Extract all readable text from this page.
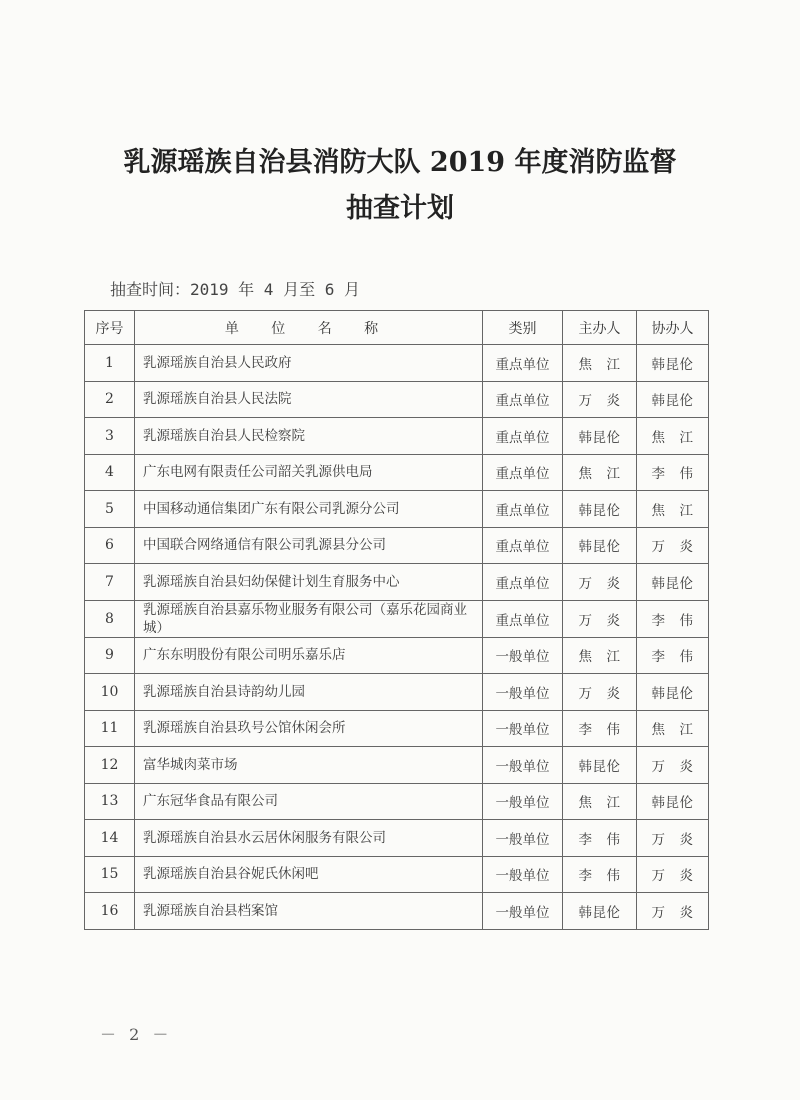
乳源瑶族自治县消防大队 2019 年度消防监督
抽查计划
抽查时间：2019 年 4 月至 6 月
序号	单 位 名 称	类别	主办人	协办人
1	乳源瑶族自治县人民政府	重点单位	焦　江	韩昆伦
2	乳源瑶族自治县人民法院	重点单位	万　炎	韩昆伦
3	乳源瑶族自治县人民检察院	重点单位	韩昆伦	焦　江
4	广东电网有限责任公司韶关乳源供电局	重点单位	焦　江	李　伟
5	中国移动通信集团广东有限公司乳源分公司	重点单位	韩昆伦	焦　江
6	中国联合网络通信有限公司乳源县分公司	重点单位	韩昆伦	万　炎
7	乳源瑶族自治县妇幼保健计划生育服务中心	重点单位	万　炎	韩昆伦
8	乳源瑶族自治县嘉乐物业服务有限公司（嘉乐花园商业城）	重点单位	万　炎	李　伟
9	广东东明股份有限公司明乐嘉乐店	一般单位	焦　江	李　伟
10	乳源瑶族自治县诗韵幼儿园	一般单位	万　炎	韩昆伦
11	乳源瑶族自治县玖号公馆休闲会所	一般单位	李　伟	焦　江
12	富华城肉菜市场	一般单位	韩昆伦	万　炎
13	广东冠华食品有限公司	一般单位	焦　江	韩昆伦
14	乳源瑶族自治县水云居休闲服务有限公司	一般单位	李　伟	万　炎
15	乳源瑶族自治县谷妮氏休闲吧	一般单位	李　伟	万　炎
16	乳源瑶族自治县档案馆	一般单位	韩昆伦	万　炎
－ 2 －
